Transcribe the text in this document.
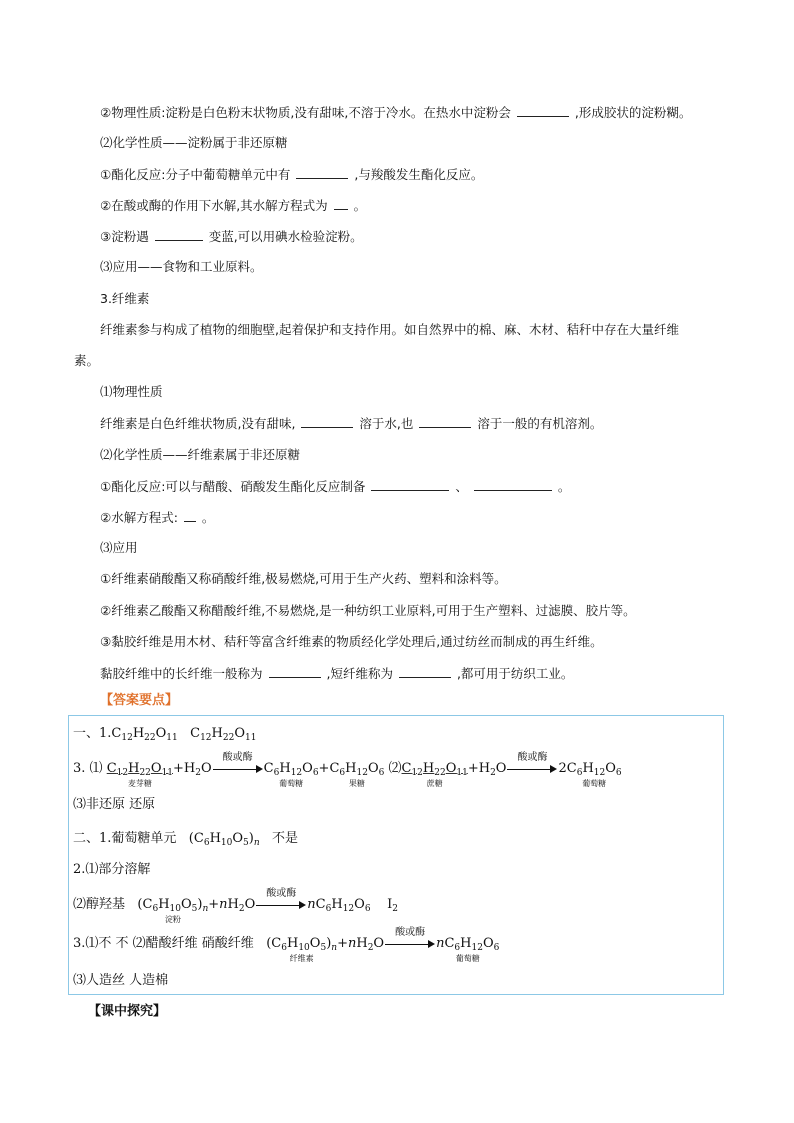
②物理性质:淀粉是白色粉末状物质,没有甜味,不溶于冷水。在热水中淀粉会	,形成胶状的淀粉糊。
⑵化学性质——淀粉属于非还原糖
①酯化反应:分子中葡萄糖单元中有	,与羧酸发生酯化反应。
②在酸或酶的作用下水解,其水解方程式为 。
③淀粉遇	变蓝,可以用碘水检验淀粉。
⑶应用——食物和工业原料。
3.纤维素
纤维素参与构成了植物的细胞壁,起着保护和支持作用。如自然界中的棉、麻、木材、秸秆中存在大量纤维
素。
⑴物理性质
纤维素是白色纤维状物质,没有甜味,	溶于水,也	溶于一般的有机溶剂。
⑵化学性质——纤维素属于非还原糖
①酯化反应:可以与醋酸、硝酸发生酯化反应制备	、	。
②水解方程式: 。
⑶应用
①纤维素硝酸酯又称硝酸纤维,极易燃烧,可用于生产火药、塑料和涂料等。
②纤维素乙酸酯又称醋酸纤维,不易燃烧,是一种纺织工业原料,可用于生产塑料、过滤膜、胶片等。
③黏胶纤维是用木材、秸秆等富含纤维素的物质经化学处理后,通过纺丝而制成的再生纤维。
黏胶纤维中的长纤维一般称为	,短纤维称为	,都可用于纺织工业。
【答案要点】
一、$1.C_{12}H_{22}O_{11}$   $C_{12}H_{22}O_{11}$
3. ⑴ $C_{12}H_{22}O_{11}$
麦芽糖
$+H_2O$
酸或酶
$C_6H_{12}O_6$
葡萄糖
$+C_6H_{12}O_6$
果糖
$⑵C_{12}H_{22}O_{11}$
蔗糖
$+H_2O$
酸或酶
$2C_6H_{12}O_6$
葡萄糖
⑶非还原 还原
二、1.葡萄糖单元   $(C_6H_{10}O_5)_n$ 不是
2.⑴部分溶解
⑵醇羟基 $(C_6H_{10}O_5)_n$
淀粉
$+nH_2O$
酸或酶
$nC_6H_{12}O_6$ $I_2$
3.⑴不 不 ⑵醋酸纤维 硝酸纤维 $(C_6H_{10}O_5)_n$
纤维素
$+nH_2O$
酸或酶
$nC_6H_{12}O_6$
葡萄糖
⑶人造丝 人造棉
【课中探究】
